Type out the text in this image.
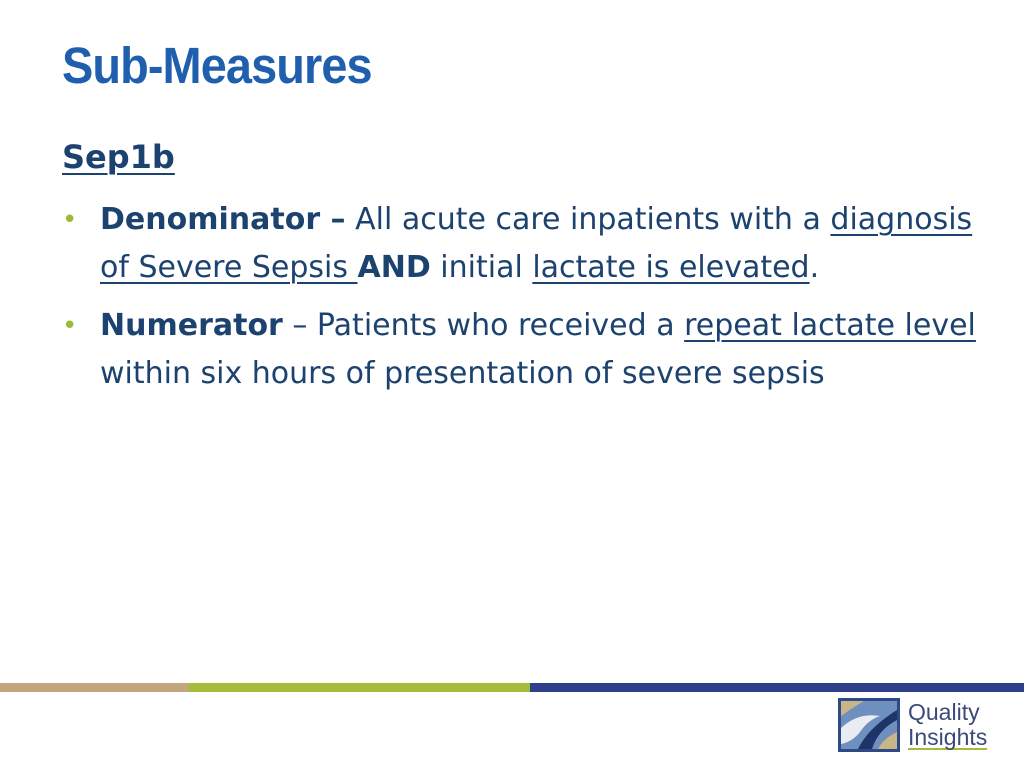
Sub-Measures
Sep1b
• Denominator – All acute care inpatients with a diagnosis of Severe Sepsis AND initial lactate is elevated.
• Numerator – Patients who received a repeat lactate level within six hours of presentation of severe sepsis
Quality
Insights
